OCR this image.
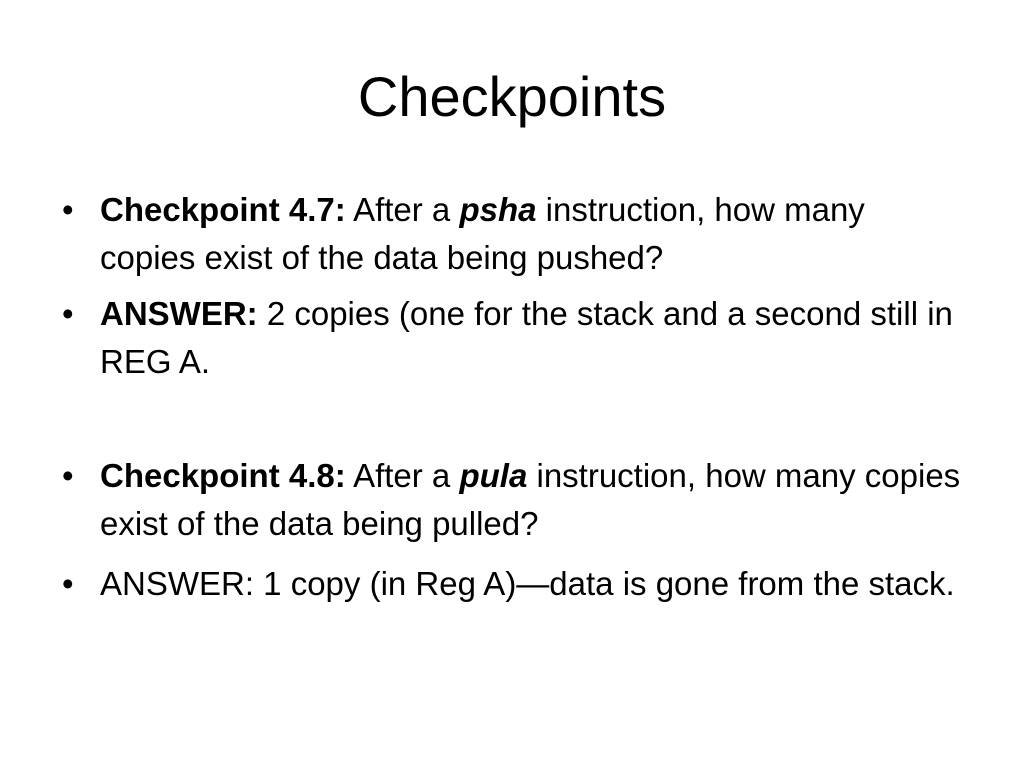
Checkpoints
• Checkpoint 4.7: After a psha instruction, how many copies exist of the data being pushed?
• ANSWER: 2 copies (one for the stack and a second still in REG A.
• Checkpoint 4.8: After a pula instruction, how many copies exist of the data being pulled?
• ANSWER: 1 copy (in Reg A)—data is gone from the stack.
